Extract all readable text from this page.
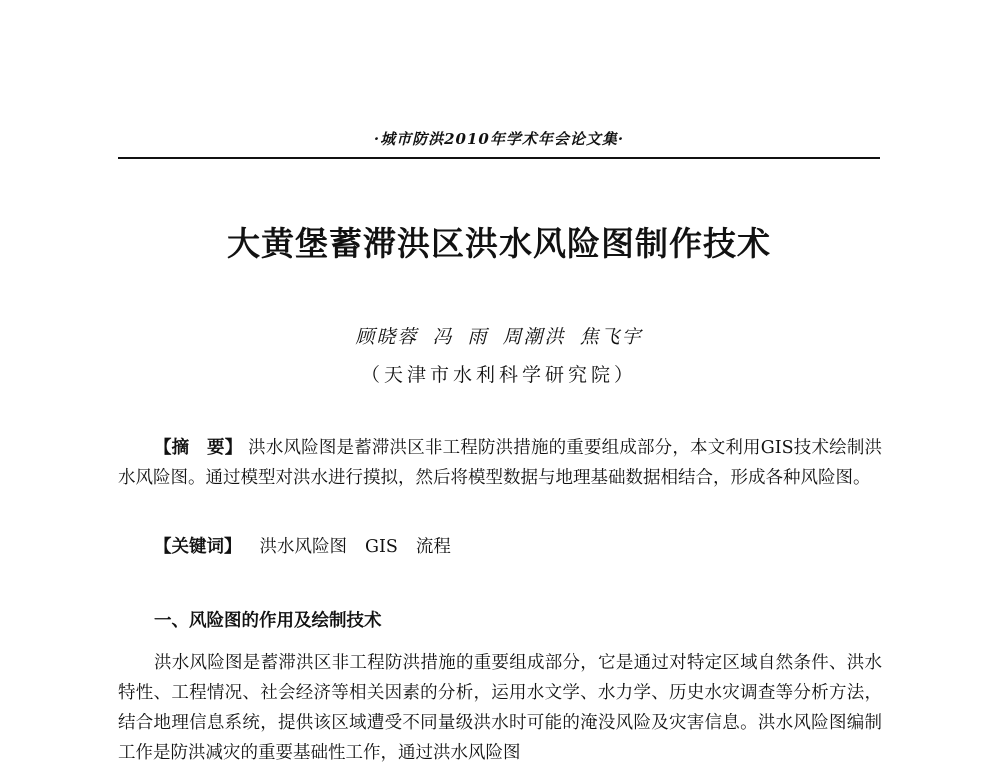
·城市防洪2010年学术年会论文集·
大黄堡蓄滞洪区洪水风险图制作技术
顾晓蓉 冯 雨 周潮洪 焦飞宇
（天津市水利科学研究院）
【摘　要】 洪水风险图是蓄滞洪区非工程防洪措施的重要组成部分，本文利用GIS技术绘制洪水风险图。通过模型对洪水进行摸拟，然后将模型数据与地理基础数据相结合，形成各种风险图。
【关键词】 洪水风险图 GIS 流程
一、风险图的作用及绘制技术
洪水风险图是蓄滞洪区非工程防洪措施的重要组成部分，它是通过对特定区域自然条件、洪水特性、工程情况、社会经济等相关因素的分析，运用水文学、水力学、历史水灾调查等分析方法，结合地理信息系统，提供该区域遭受不同量级洪水时可能的淹没风险及灾害信息。洪水风险图编制工作是防洪减灾的重要基础性工作，通过洪水风险图
